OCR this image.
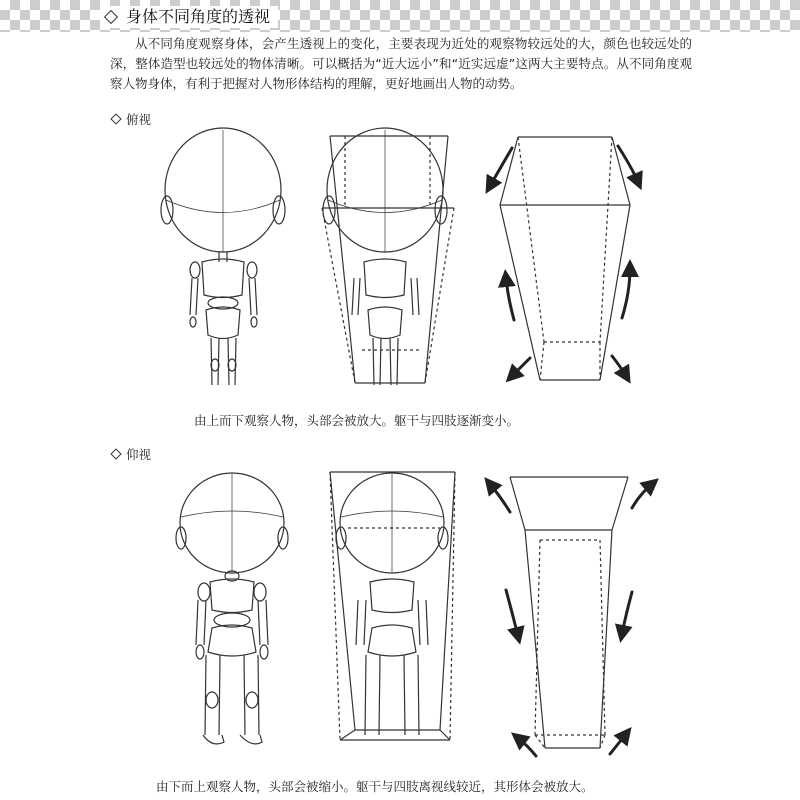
身体不同角度的透视
从不同角度观察身体，会产生透视上的变化，主要表现为近处的观察物较远处的大，颜色也较远处的深，整体造型也较远处的物体清晰。可以概括为“近大远小”和“近实远虚”这两大主要特点。从不同角度观察人物身体，有利于把握对人物形体结构的理解，更好地画出人物的动势。
俯视
仰视
由上而下观察人物，头部会被放大。躯干与四肢逐渐变小。
由下而上观察人物，头部会被缩小。躯干与四肢离视线较近，其形体会被放大。
